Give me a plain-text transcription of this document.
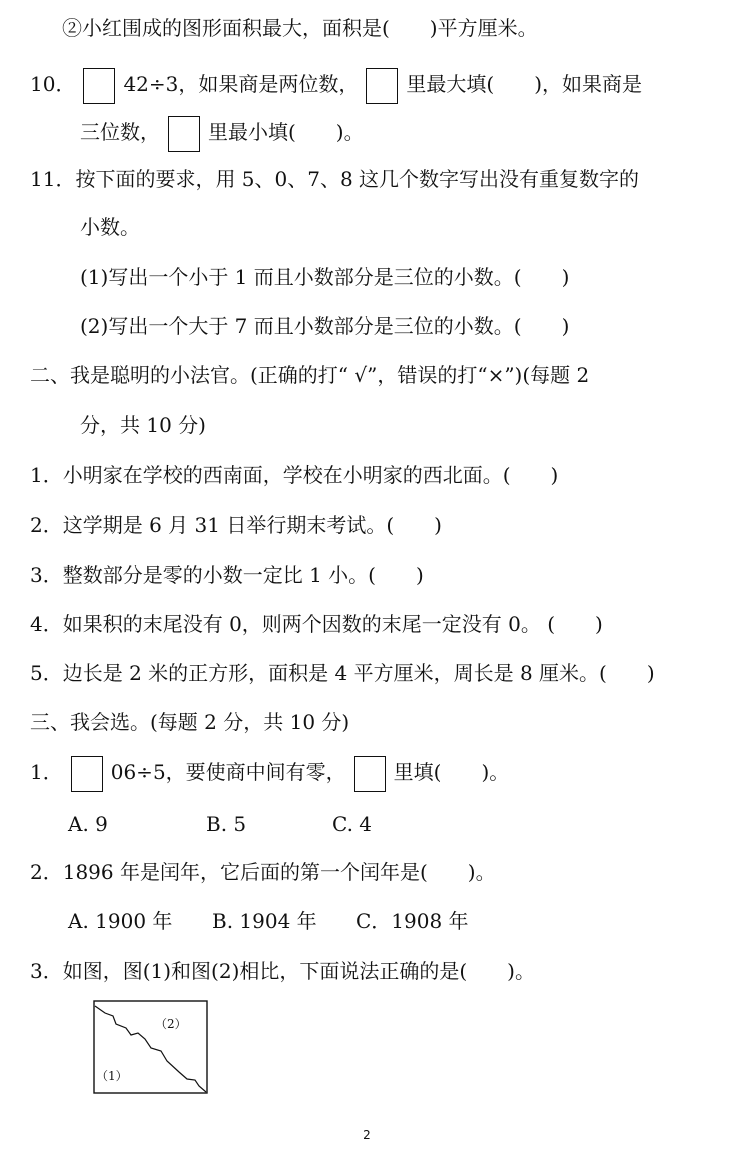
②小红围成的图形面积最大，面积是(　　)平方厘米。
10． 42÷3，如果商是两位数， 里最大填(　　)，如果商是
三位数， 里最小填(　　)。
11．按下面的要求，用 5、0、7、8 这几个数字写出没有重复数字的
小数。
(1)写出一个小于 1 而且小数部分是三位的小数。(　　)
(2)写出一个大于 7 而且小数部分是三位的小数。(　　)
二、我是聪明的小法官。(正确的打“ √”，错误的打“×”)(每题 2
分，共 10 分)
1．小明家在学校的西南面，学校在小明家的西北面。(　　)
2．这学期是 6 月 31 日举行期末考试。(　　)
3．整数部分是零的小数一定比 1 小。(　　)
4．如果积的末尾没有 0，则两个因数的末尾一定没有 0。 (　　)
5．边长是 2 米的正方形，面积是 4 平方厘米，周长是 8 厘米。(　　)
三、我会选。(每题 2 分，共 10 分)
1． 06÷5，要使商中间有零， 里填(　　)。
A. 9	B. 5	C. 4
2．1896 年是闰年，它后面的第一个闰年是(　　)。
A. 1900 年 B. 1904 年 C．1908 年
3．如图，图(1)和图(2)相比，下面说法正确的是(　　)。
（2）
（1）
2
